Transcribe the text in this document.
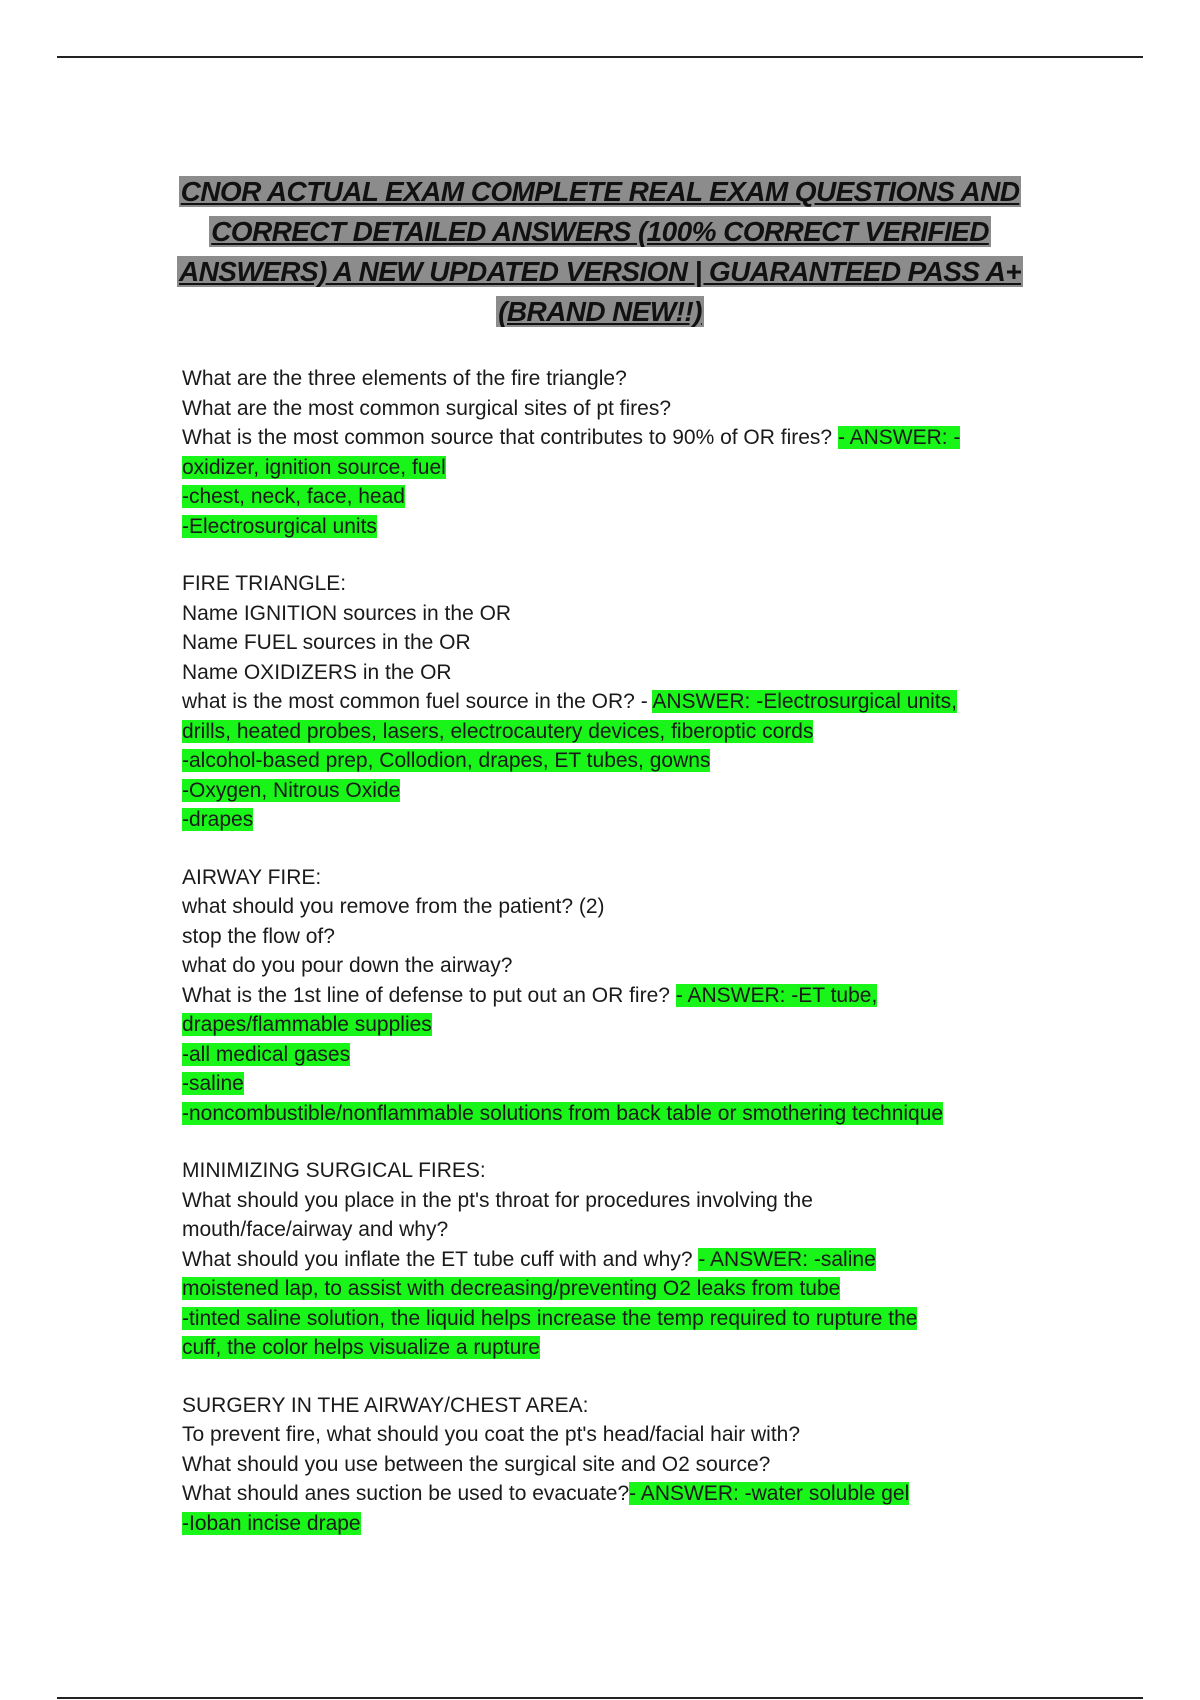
CNOR ACTUAL EXAM COMPLETE REAL EXAM QUESTIONS AND
CORRECT DETAILED ANSWERS (100% CORRECT VERIFIED
ANSWERS) A NEW UPDATED VERSION | GUARANTEED PASS A+
(BRAND NEW!!)
What are the three elements of the fire triangle?
What are the most common surgical sites of pt fires?
What is the most common source that contributes to 90% of OR fires? - ANSWER: -
oxidizer, ignition source, fuel
-chest, neck, face, head
-Electrosurgical units
FIRE TRIANGLE:
Name IGNITION sources in the OR
Name FUEL sources in the OR
Name OXIDIZERS in the OR
what is the most common fuel source in the OR? - ANSWER: -Electrosurgical units,
drills, heated probes, lasers, electrocautery devices, fiberoptic cords
-alcohol-based prep, Collodion, drapes, ET tubes, gowns
-Oxygen, Nitrous Oxide
-drapes
AIRWAY FIRE:
what should you remove from the patient? (2)
stop the flow of?
what do you pour down the airway?
What is the 1st line of defense to put out an OR fire? - ANSWER: -ET tube,
drapes/flammable supplies
-all medical gases
-saline
-noncombustible/nonflammable solutions from back table or smothering technique
MINIMIZING SURGICAL FIRES:
What should you place in the pt's throat for procedures involving the
mouth/face/airway and why?
What should you inflate the ET tube cuff with and why? - ANSWER: -saline
moistened lap, to assist with decreasing/preventing O2 leaks from tube
-tinted saline solution, the liquid helps increase the temp required to rupture the
cuff, the color helps visualize a rupture
SURGERY IN THE AIRWAY/CHEST AREA:
To prevent fire, what should you coat the pt's head/facial hair with?
What should you use between the surgical site and O2 source?
What should anes suction be used to evacuate?- ANSWER: -water soluble gel
-Ioban incise drape
